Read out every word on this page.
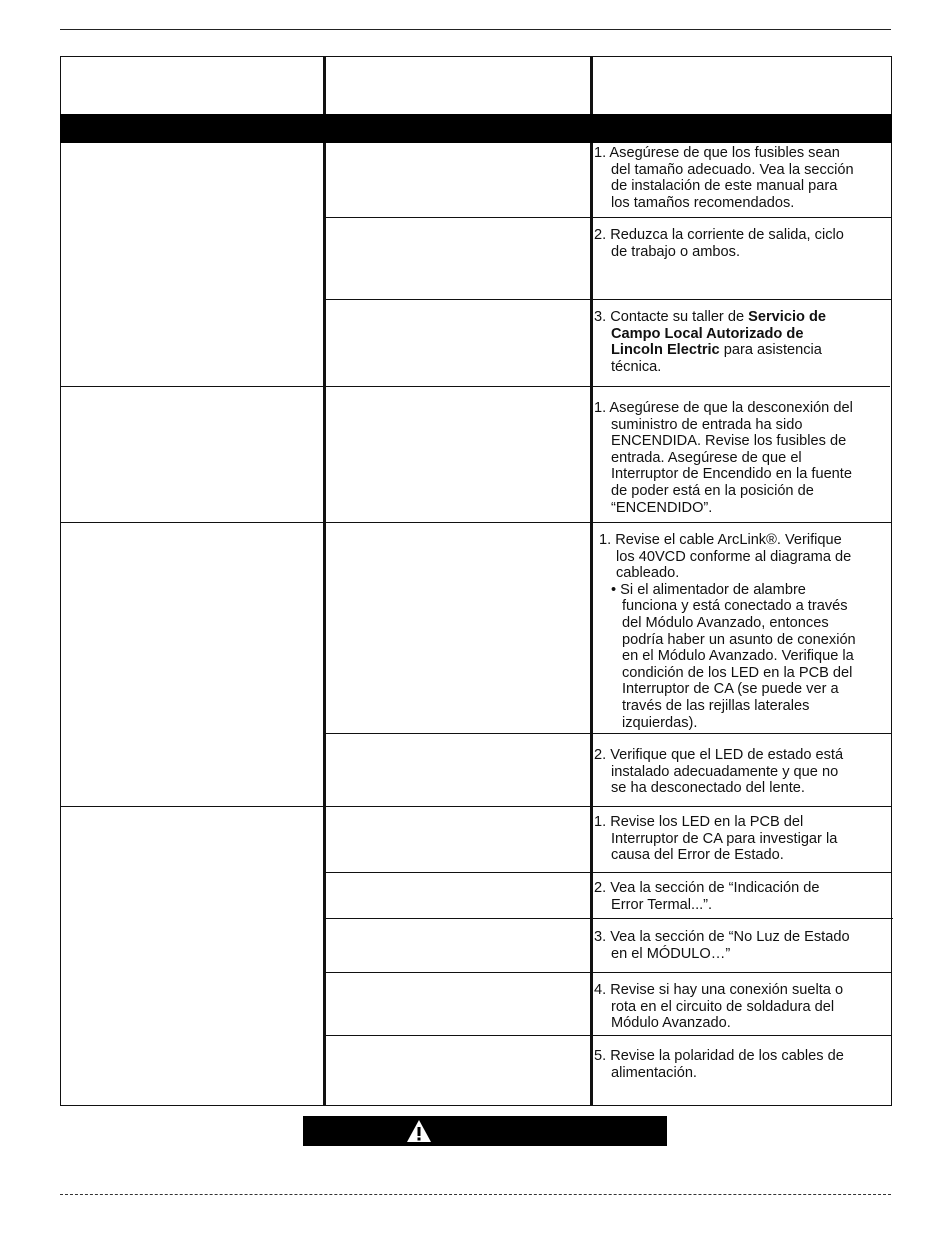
1. Asegúrese de que los fusibles sean
del tamaño adecuado. Vea la sección
de instalación de este manual para
los tamaños recomendados.
2. Reduzca la corriente de salida, ciclo
de trabajo o ambos.
3. Contacte su taller de Servicio de
Campo Local Autorizado de
Lincoln Electric para asistencia
técnica.
1. Asegúrese de que la desconexión del
suministro de entrada ha sido
ENCENDIDA. Revise los fusibles de
entrada. Asegúrese de que el
Interruptor de Encendido en la fuente
de poder está en la posición de
“ENCENDIDO”.
1. Revise el cable ArcLink®. Verifique
los 40VCD conforme al diagrama de
cableado.
• Si el alimentador de alambre
funciona y está conectado a través
del Módulo Avanzado, entonces
podría haber un asunto de conexión
en el Módulo Avanzado. Verifique la
condición de los LED en la PCB del
Interruptor de CA (se puede ver a
través de las rejillas laterales
izquierdas).
2. Verifique que el LED de estado está
instalado adecuadamente y que no
se ha desconectado del lente.
1. Revise los LED en la PCB del
Interruptor de CA para investigar la
causa del Error de Estado.
2. Vea la sección de “Indicación de
Error Termal...”.
3. Vea la sección de “No Luz de Estado
en el MÓDULO…”
4. Revise si hay una conexión suelta o
rota en el circuito de soldadura del
Módulo Avanzado.
5. Revise la polaridad de los cables de
alimentación.
